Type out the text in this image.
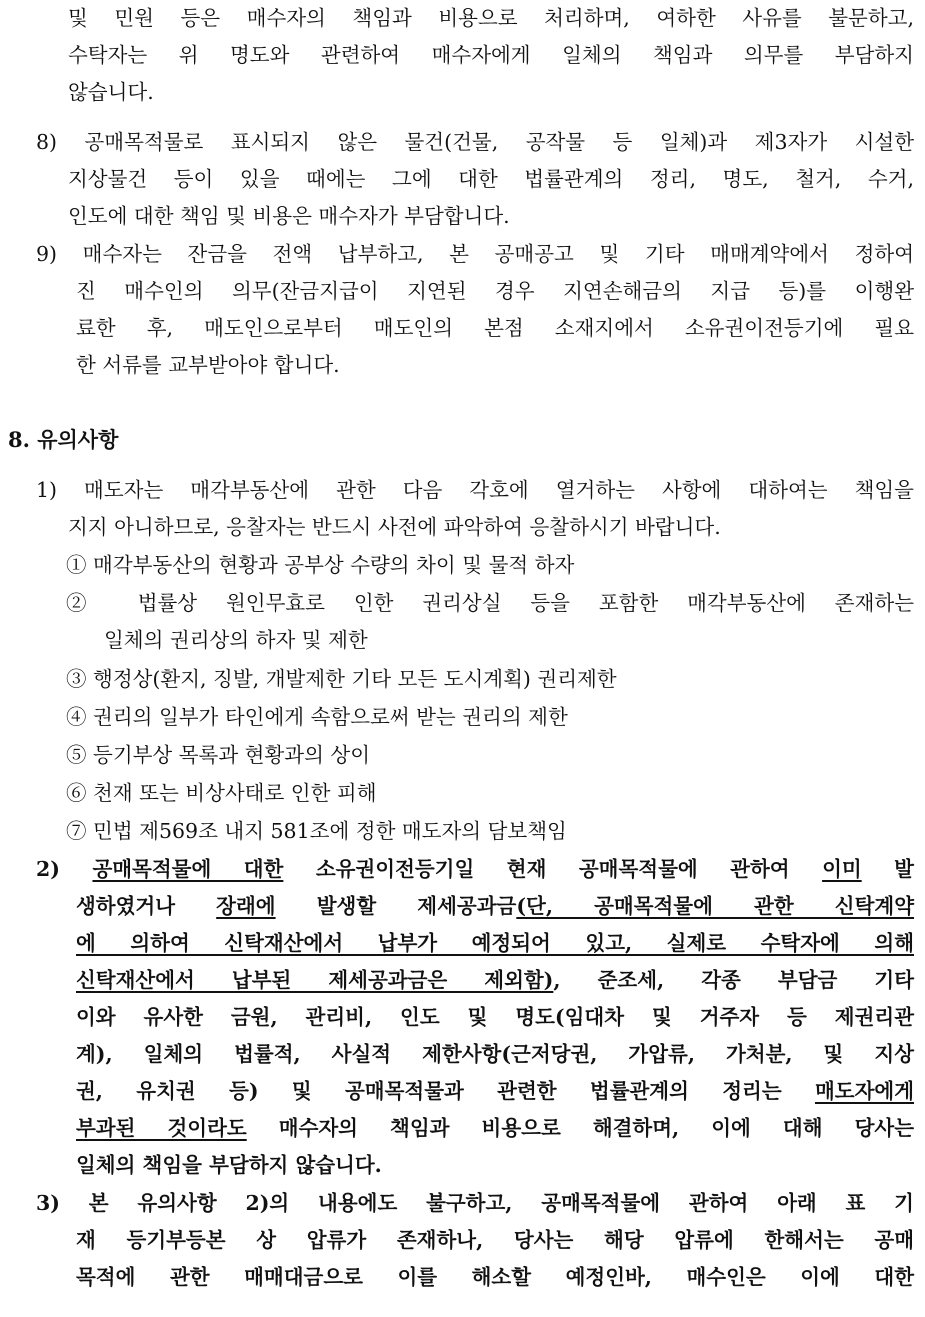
및 민원 등은 매수자의 책임과 비용으로 처리하며, 여하한 사유를 불문하고,
수탁자는 위 명도와 관련하여 매수자에게 일체의 책임과 의무를 부담하지
않습니다.
8) 공매목적물로 표시되지 않은 물건(건물, 공작물 등 일체)과 제3자가 시설한
지상물건 등이 있을 때에는 그에 대한 법률관계의 정리, 명도, 철거, 수거,
인도에 대한 책임 및 비용은 매수자가 부담합니다.
9) 매수자는 잔금을 전액 납부하고, 본 공매공고 및 기타 매매계약에서 정하여
진 매수인의 의무(잔금지급이 지연된 경우 지연손해금의 지급 등)를 이행완
료한 후, 매도인으로부터 매도인의 본점 소재지에서 소유권이전등기에 필요
한 서류를 교부받아야 합니다.
8. 유의사항
1) 매도자는 매각부동산에 관한 다음 각호에 열거하는 사항에 대하여는 책임을
지지 아니하므로, 응찰자는 반드시 사전에 파악하여 응찰하시기 바랍니다.
① 매각부동산의 현황과 공부상 수량의 차이 및 물적 하자
② 법률상 원인무효로 인한 권리상실 등을 포함한 매각부동산에 존재하는
일체의 권리상의 하자 및 제한
③ 행정상(환지, 징발, 개발제한 기타 모든 도시계획) 권리제한
④ 권리의 일부가 타인에게 속함으로써 받는 권리의 제한
⑤ 등기부상 목록과 현황과의 상이
⑥ 천재 또는 비상사태로 인한 피해
⑦ 민법 제569조 내지 581조에 정한 매도자의 담보책임
2) 공매목적물에 대한 소유권이전등기일 현재 공매목적물에 관하여 이미 발
생하였거나 장래에 발생할 제세공과금(단, 공매목적물에 관한 신탁계약
에 의하여 신탁재산에서 납부가 예정되어 있고, 실제로 수탁자에 의해
신탁재산에서 납부된 제세공과금은 제외함), 준조세, 각종 부담금 기타
이와 유사한 금원, 관리비, 인도 및 명도(임대차 및 거주자 등 제권리관
계), 일체의 법률적, 사실적 제한사항(근저당권, 가압류, 가처분, 및 지상
권, 유치권 등) 및 공매목적물과 관련한 법률관계의 정리는 매도자에게
부과된 것이라도 매수자의 책임과 비용으로 해결하며, 이에 대해 당사는
일체의 책임을 부담하지 않습니다.
3) 본 유의사항 2)의 내용에도 불구하고, 공매목적물에 관하여 아래 표 기
재 등기부등본 상 압류가 존재하나, 당사는 해당 압류에 한해서는 공매
목적에 관한 매매대금으로 이를 해소할 예정인바, 매수인은 이에 대한
